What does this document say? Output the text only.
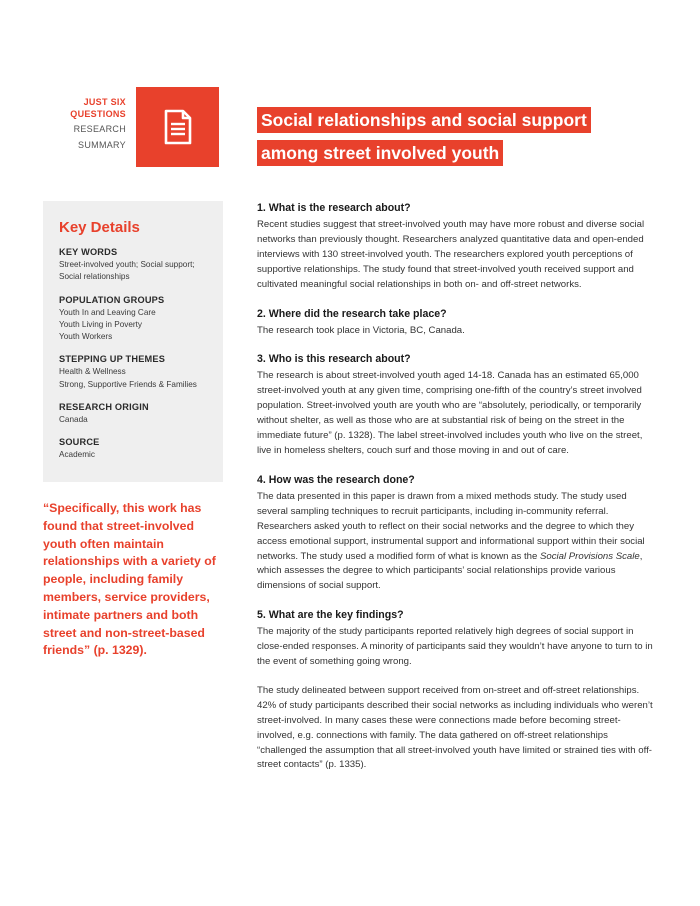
JUST SIX
QUESTIONS
RESEARCH
SUMMARY
Social relationships and social support
among street involved youth
Key Details
KEY WORDS
Street-involved youth; Social support;
Social relationships
POPULATION GROUPS
Youth In and Leaving Care
Youth Living in Poverty
Youth Workers
STEPPING UP THEMES
Health & Wellness
Strong, Supportive Friends & Families
RESEARCH ORIGIN
Canada
SOURCE
Academic
“Specifically, this work has found that street-involved youth often maintain relationships with a variety of people, including family members, service providers, intimate partners and both street and non-street-based friends” (p. 1329).
1. What is the research about?

Recent studies suggest that street-involved youth may have more robust and diverse social networks than previously thought. Researchers analyzed quantitative data and open-ended interviews with 130 street-involved youth. The researchers explored youth perceptions of supportive relationships. The study found that street-involved youth received support and cultivated meaningful social relationships in both on- and off-street networks.

2. Where did the research take place?

The research took place in Victoria, BC, Canada.

3. Who is this research about?

The research is about street-involved youth aged 14-18. Canada has an estimated 65,000 street-involved youth at any given time, comprising one-fifth of the country’s street involved population. Street-involved youth are youth who are “absolutely, periodically, or temporarily without shelter, as well as those who are at substantial risk of being on the street in the immediate future” (p. 1328). The label street-involved includes youth who live on the street, live in homeless shelters, couch surf and those moving in and out of care.

4. How was the research done?

The data presented in this paper is drawn from a mixed methods study. The study used several sampling techniques to recruit participants, including in-community referral. Researchers asked youth to reflect on their social networks and the degree to which they access emotional support, instrumental support and informational support within their social networks. The study used a modified form of what is known as the Social Provisions Scale, which assesses the degree to which participants’ social relationships provide various dimensions of social support.

5. What are the key findings?

The majority of the study participants reported relatively high degrees of social support in close-ended responses. A minority of participants said they wouldn’t have anyone to turn to in the event of something going wrong.

The study delineated between support received from on-street and off-street relationships. 42% of study participants described their social networks as including individuals who weren’t street-involved. In many cases these were connections made before becoming street-involved, e.g. connections with family. The data gathered on off-street relationships “challenged the assumption that all street-involved youth have limited or strained ties with off-street contacts” (p. 1335).
